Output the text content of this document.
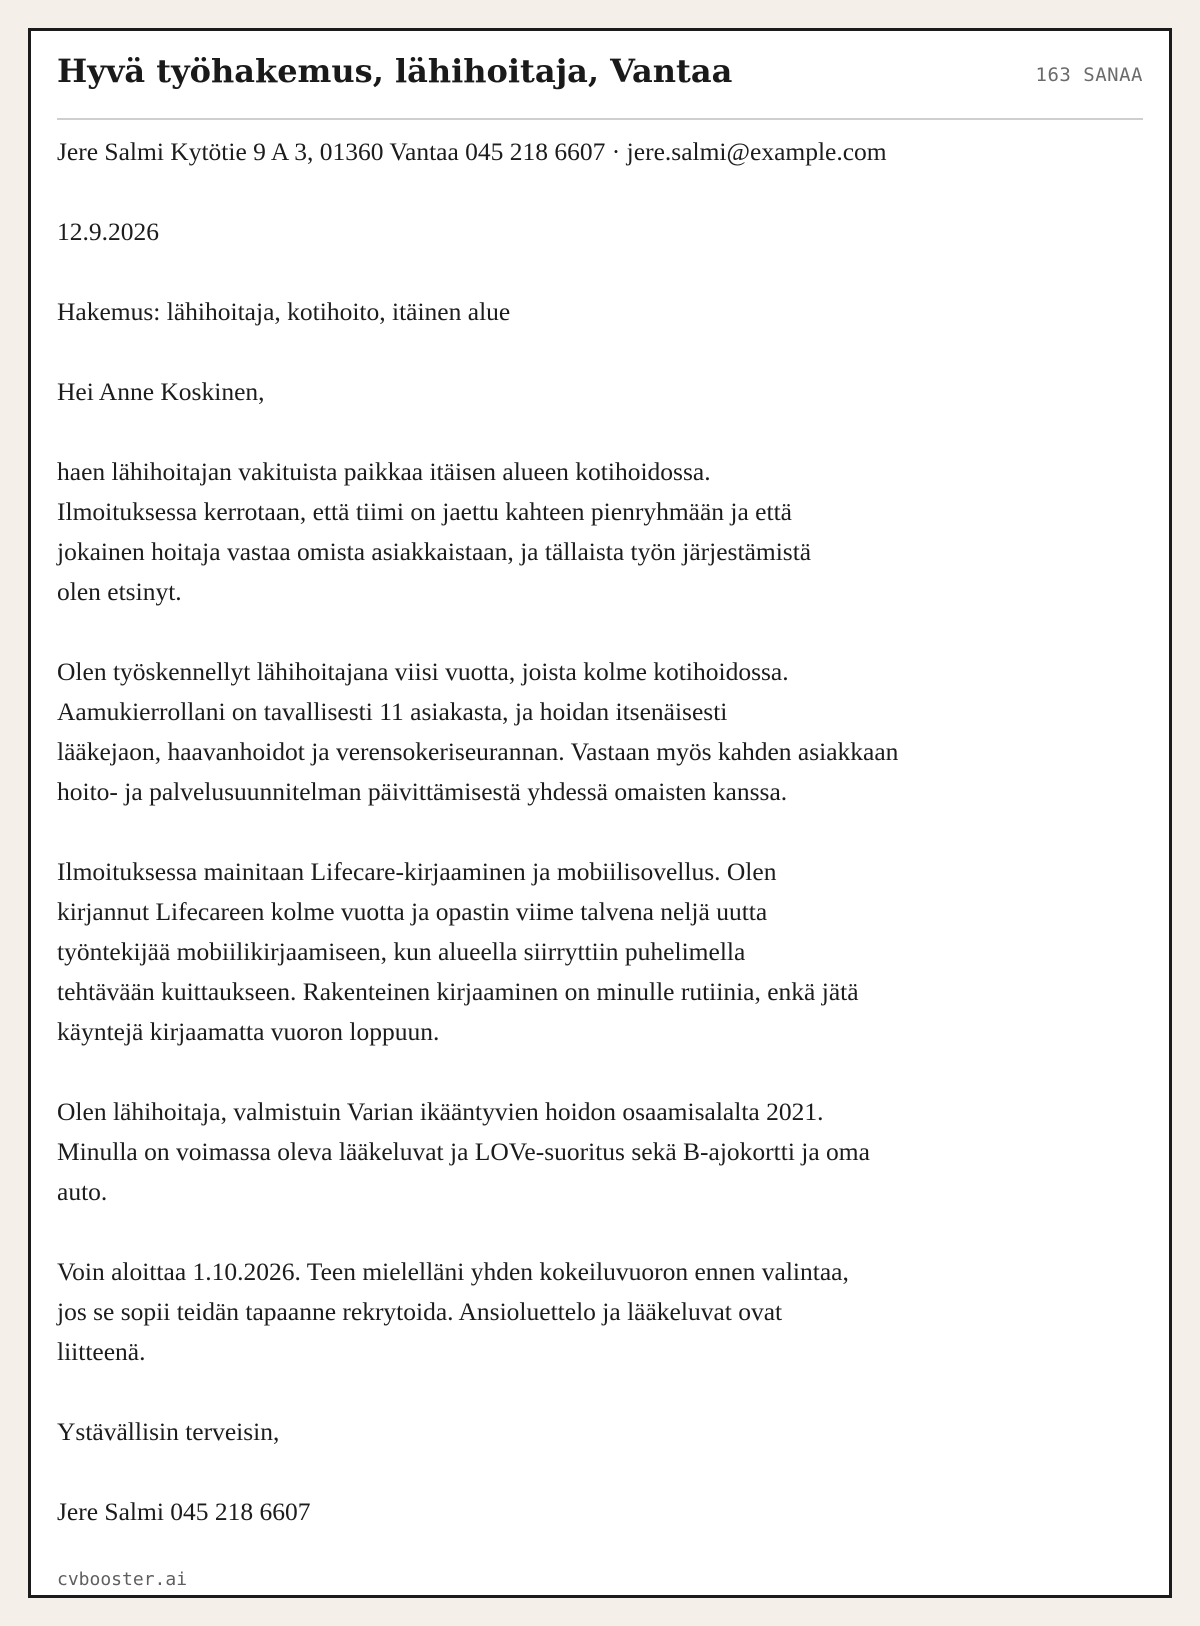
Hyvä työhakemus, lähihoitaja, Vantaa	163 SANAA

Jere Salmi Kytötie 9 A 3, 01360 Vantaa 045 218 6607 · jere.salmi@example.com

12.9.2026

Hakemus: lähihoitaja, kotihoito, itäinen alue

Hei Anne Koskinen,

haen lähihoitajan vakituista paikkaa itäisen alueen kotihoidossa.
Ilmoituksessa kerrotaan, että tiimi on jaettu kahteen pienryhmään ja että
jokainen hoitaja vastaa omista asiakkaistaan, ja tällaista työn järjestämistä
olen etsinyt.

Olen työskennellyt lähihoitajana viisi vuotta, joista kolme kotihoidossa.
Aamukierrollani on tavallisesti 11 asiakasta, ja hoidan itsenäisesti
lääkejaon, haavanhoidot ja verensokeriseurannan. Vastaan myös kahden asiakkaan
hoito- ja palvelusuunnitelman päivittämisestä yhdessä omaisten kanssa.

Ilmoituksessa mainitaan Lifecare-kirjaaminen ja mobiilisovellus. Olen
kirjannut Lifecareen kolme vuotta ja opastin viime talvena neljä uutta
työntekijää mobiilikirjaamiseen, kun alueella siirryttiin puhelimella
tehtävään kuittaukseen. Rakenteinen kirjaaminen on minulle rutiinia, enkä jätä
käyntejä kirjaamatta vuoron loppuun.

Olen lähihoitaja, valmistuin Varian ikääntyvien hoidon osaamisalalta 2021.
Minulla on voimassa oleva lääkeluvat ja LOVe-suoritus sekä B-ajokortti ja oma
auto.

Voin aloittaa 1.10.2026. Teen mielelläni yhden kokeiluvuoron ennen valintaa,
jos se sopii teidän tapaanne rekrytoida. Ansioluettelo ja lääkeluvat ovat
liitteenä.

Ystävällisin terveisin,

Jere Salmi 045 218 6607

cvbooster.ai
